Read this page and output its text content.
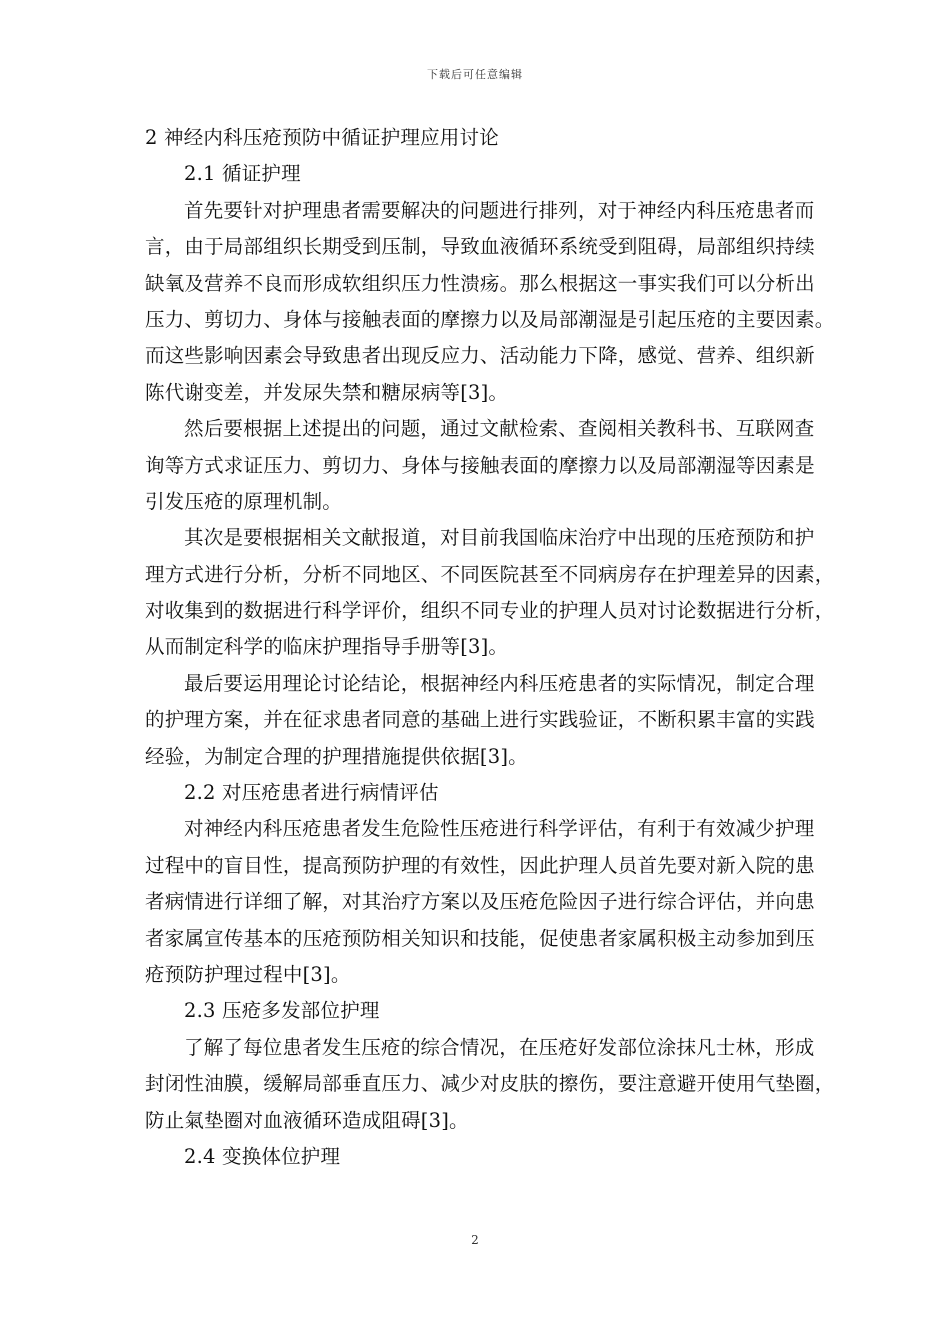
下载后可任意编辑
2 神经内科压疮预防中循证护理应用讨论
2.1 循证护理
首先要针对护理患者需要解决的问题进行排列，对于神经内科压疮患者而
言，由于局部组织长期受到压制，导致血液循环系统受到阻碍，局部组织持续
缺氧及营养不良而形成软组织压力性溃疡。那么根据这一事实我们可以分析出
压力、剪切力、身体与接触表面的摩擦力以及局部潮湿是引起压疮的主要因素。
而这些影响因素会导致患者出现反应力、活动能力下降，感觉、营养、组织新
陈代谢变差，并发尿失禁和糖尿病等[3]。
然后要根据上述提出的问题，通过文献检索、查阅相关教科书、互联网查
询等方式求证压力、剪切力、身体与接触表面的摩擦力以及局部潮湿等因素是
引发压疮的原理机制。
其次是要根据相关文献报道，对目前我国临床治疗中出现的压疮预防和护
理方式进行分析，分析不同地区、不同医院甚至不同病房存在护理差异的因素，
对收集到的数据进行科学评价，组织不同专业的护理人员对讨论数据进行分析，
从而制定科学的临床护理指导手册等[3]。
最后要运用理论讨论结论，根据神经内科压疮患者的实际情况，制定合理
的护理方案，并在征求患者同意的基础上进行实践验证，不断积累丰富的实践
经验，为制定合理的护理措施提供依据[3]。
2.2 对压疮患者进行病情评估
对神经内科压疮患者发生危险性压疮进行科学评估，有利于有效减少护理
过程中的盲目性，提高预防护理的有效性，因此护理人员首先要对新入院的患
者病情进行详细了解，对其治疗方案以及压疮危险因子进行综合评估，并向患
者家属宣传基本的压疮预防相关知识和技能，促使患者家属积极主动参加到压
疮预防护理过程中[3]。
2.3 压疮多发部位护理
了解了每位患者发生压疮的综合情况，在压疮好发部位涂抹凡士林，形成
封闭性油膜，缓解局部垂直压力、减少对皮肤的擦伤，要注意避开使用气垫圈，
防止氣垫圈对血液循环造成阻碍[3]。
2.4 变换体位护理
2
